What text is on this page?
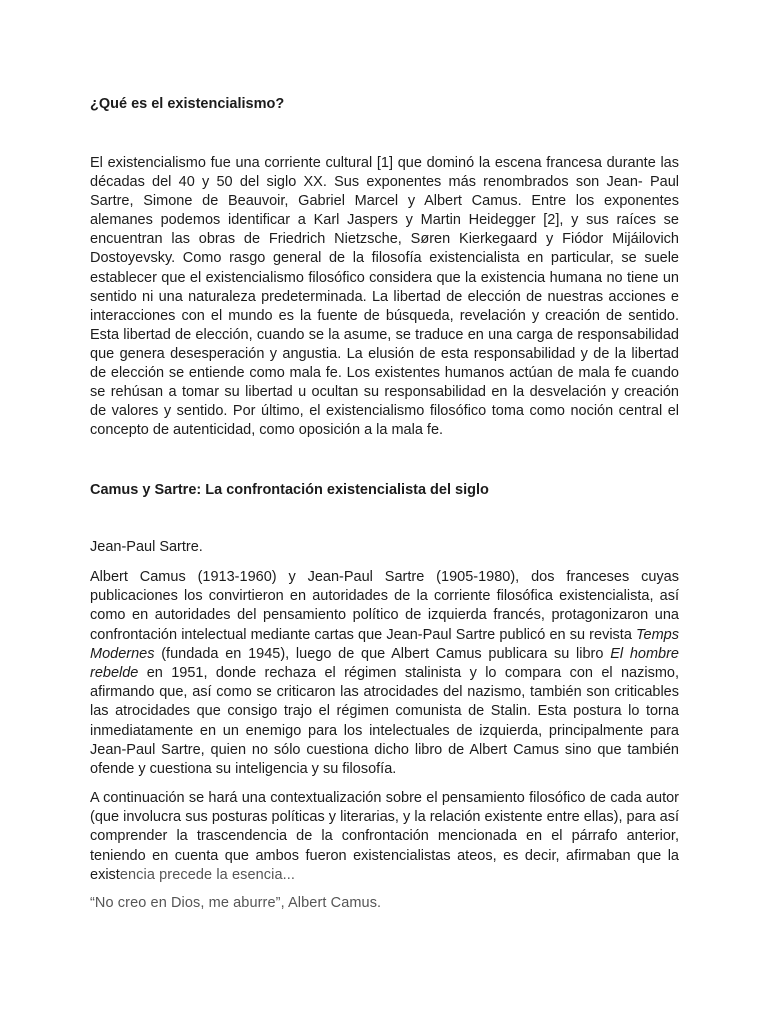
¿Qué es el existencialismo?

El existencialismo fue una corriente cultural [1] que dominó la escena francesa durante las décadas del 40 y 50 del siglo XX. Sus exponentes más renombrados son Jean- Paul Sartre, Simone de Beauvoir, Gabriel Marcel y Albert Camus. Entre los exponentes alemanes podemos identificar a Karl Jaspers y Martin Heidegger [2], y sus raíces se encuentran las obras de Friedrich Nietzsche, Søren Kierkegaard y Fiódor Mijáilovich Dostoyevsky. Como rasgo general de la filosofía existencialista en particular, se suele establecer que el existencialismo filosófico considera que la existencia humana no tiene un sentido ni una naturaleza predeterminada. La libertad de elección de nuestras acciones e interacciones con el mundo es la fuente de búsqueda, revelación y creación de sentido. Esta libertad de elección, cuando se la asume, se traduce en una carga de responsabilidad que genera desesperación y angustia. La elusión de esta responsabilidad y de la libertad de elección se entiende como mala fe. Los existentes humanos actúan de mala fe cuando se rehúsan a tomar su libertad u ocultan su responsabilidad en la desvelación y creación de valores y sentido. Por último, el existencialismo filosófico toma como noción central el concepto de autenticidad, como oposición a la mala fe.

Camus y Sartre: La confrontación existencialista del siglo

Jean-Paul Sartre.

Albert Camus (1913-1960) y Jean-Paul Sartre (1905-1980), dos franceses cuyas publicaciones los convirtieron en autoridades de la corriente filosófica existencialista, así como en autoridades del pensamiento político de izquierda francés, protagonizaron una confrontación intelectual mediante cartas que Jean-Paul Sartre publicó en su revista Temps Modernes (fundada en 1945), luego de que Albert Camus publicara su libro El hombre rebelde en 1951, donde rechaza el régimen stalinista y lo compara con el nazismo, afirmando que, así como se criticaron las atrocidades del nazismo, también son criticables las atrocidades que consigo trajo el régimen comunista de Stalin. Esta postura lo torna inmediatamente en un enemigo para los intelectuales de izquierda, principalmente para Jean-Paul Sartre, quien no sólo cuestiona dicho libro de Albert Camus sino que también ofende y cuestiona su inteligencia y su filosofía.

A continuación se hará una contextualización sobre el pensamiento filosófico de cada autor (que involucra sus posturas políticas y literarias, y la relación existente entre ellas), para así comprender la trascendencia de la confrontación mencionada en el párrafo anterior, teniendo en cuenta que ambos fueron existencialistas ateos, es decir, afirmaban que la existencia precede la esencia...

“No creo en Dios, me aburre”, Albert Camus.
